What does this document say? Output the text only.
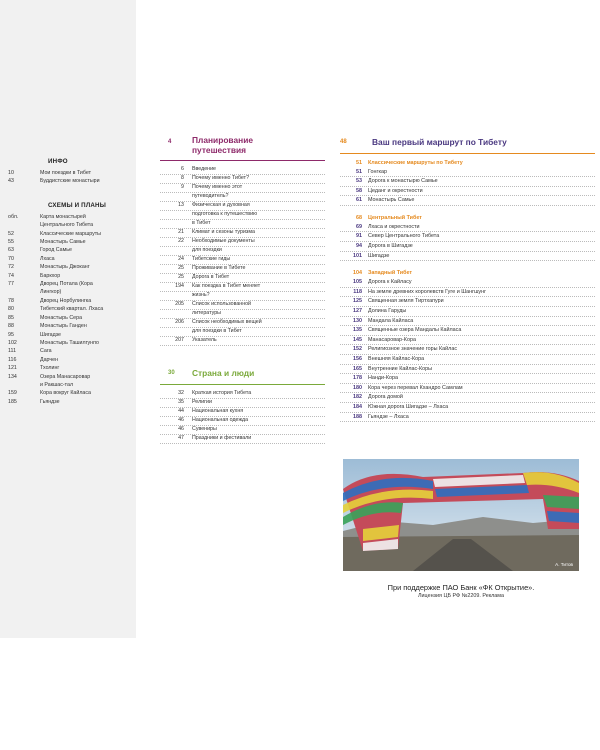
ИНФО
10	Мои поездки в Тибет
43	Буддистские монастыри
СХЕМЫ И ПЛАНЫ
обл.	Карта монастырей
Центрального Тибета
52	Классические маршруты
55	Монастырь Самье
63	Город Самье
70	Лхаса
72	Монастырь Джоканг
74	Баркхор
77	Дворец Потала (Кора
Лингкор)
78	Дворец Норбулингка
80	Тибетский квартал. Лхаса
85	Монастырь Сера
88	Монастырь Ганден
95	Шигадзе
102	Монастырь Ташилгунпо
111	Сага
116	Дарчен
121	Тхолинг
134	Озера Манасаровар
и Ракшас-тал
159	Кора вокруг Кайласа
185	Гьяндзе
4	Планирование
путешествия
6	Введение
8	Почему именно Тибет?
9	Почему именно этот
путеводитель?
13	Физическая и духовная
подготовка к путешествию
в Тибет
21	Климат и сезоны туризма
22	Необходимые документы
для поездки
24	Тибетские гиды
25	Проживание в Тибете
25	Дорога в Тибет
194	Как поездка в Тибет меняет
жизнь?
205	Список использованной
литературы
206	Список необходимых вещей
для поездки в Тибет
207	Указатель
30	Страна и люди
32	Краткая история Тибета
35	Религии
44	Национальная кухня
46	Национальная одежда
46	Сувениры
47	Праздники и фестивали
48	Ваш первый маршрут по Тибету
51	Классические маршруты по Тибету
51	Гонгкар
53	Дорога к монастырю Самье
58	Цеданг и окрестности
61	Монастырь Самье
68	Центральный Тибет
69	Лхаса и окрестности
91	Север Центрального Тибета
94	Дорога в Шигадзе
101	Шигадзе
104	Западный Тибет
105	Дорога к Кайласу
118	На земле древних королевств Гуге и Шангшунг
125	Священная земля Тиртхапури
127	Долина Гаруды
130	Мандала Кайласа
135	Священные озера Мандалы Кайласа
145	Манасаровар-Кора
152	Религиозное значение горы Кайлас
156	Внешняя Кайлас-Кора
165	Внутренние Кайлас-Коры
178	Нанди-Кора
180	Кора через перевал Кхандро Самлам
182	Дорога домой
184	Южная дорога Шигадзе – Лхаса
188	Гьяндзе – Лхаса
А. Титов
При поддержке ПАО Банк «ФК Открытие».
Лицензия ЦБ РФ №2209. Реклама
